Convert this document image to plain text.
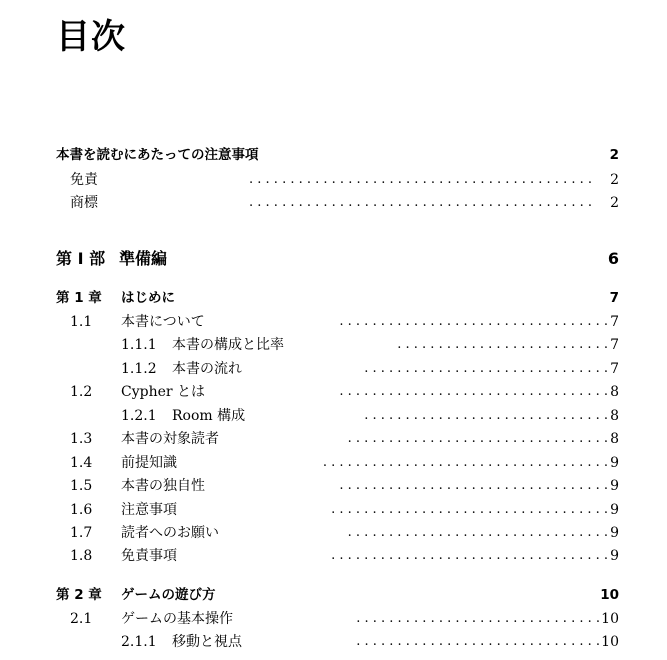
目次
本書を読むにあたっての注意事項	2
免責	. . . . . . . . . . . . . . . . . . . . . . . . . . . . . . . . . . . . . . . . . . 2
商標	. . . . . . . . . . . . . . . . . . . . . . . . . . . . . . . . . . . . . . . . . . 2
第 I 部 準備編	6
第 1 章 はじめに	7
1.1 本書について	. . . . . . . . . . . . . . . . . . . . . . . . . . . . . . . . . 7
1.1.1 本書の構成と比率	. . . . . . . . . . . . . . . . . . . . . . . . . . 7
1.1.2 本書の流れ	. . . . . . . . . . . . . . . . . . . . . . . . . . . . . . 7
1.2 Cypher とは	. . . . . . . . . . . . . . . . . . . . . . . . . . . . . . . . . 8
1.2.1 Room 構成	. . . . . . . . . . . . . . . . . . . . . . . . . . . . . . 8
1.3 本書の対象読者	. . . . . . . . . . . . . . . . . . . . . . . . . . . . . . . . 8
1.4 前提知識	. . . . . . . . . . . . . . . . . . . . . . . . . . . . . . . . . . . 9
1.5 本書の独自性	. . . . . . . . . . . . . . . . . . . . . . . . . . . . . . . . . 9
1.6 注意事項	. . . . . . . . . . . . . . . . . . . . . . . . . . . . . . . . . . 9
1.7 読者へのお願い	. . . . . . . . . . . . . . . . . . . . . . . . . . . . . . . . 9
1.8 免責事項	. . . . . . . . . . . . . . . . . . . . . . . . . . . . . . . . . . 9
第 2 章 ゲームの遊び方	10
2.1 ゲームの基本操作	. . . . . . . . . . . . . . . . . . . . . . . . . . . . . . 10
2.1.1 移動と視点	. . . . . . . . . . . . . . . . . . . . . . . . . . . . . . 10
